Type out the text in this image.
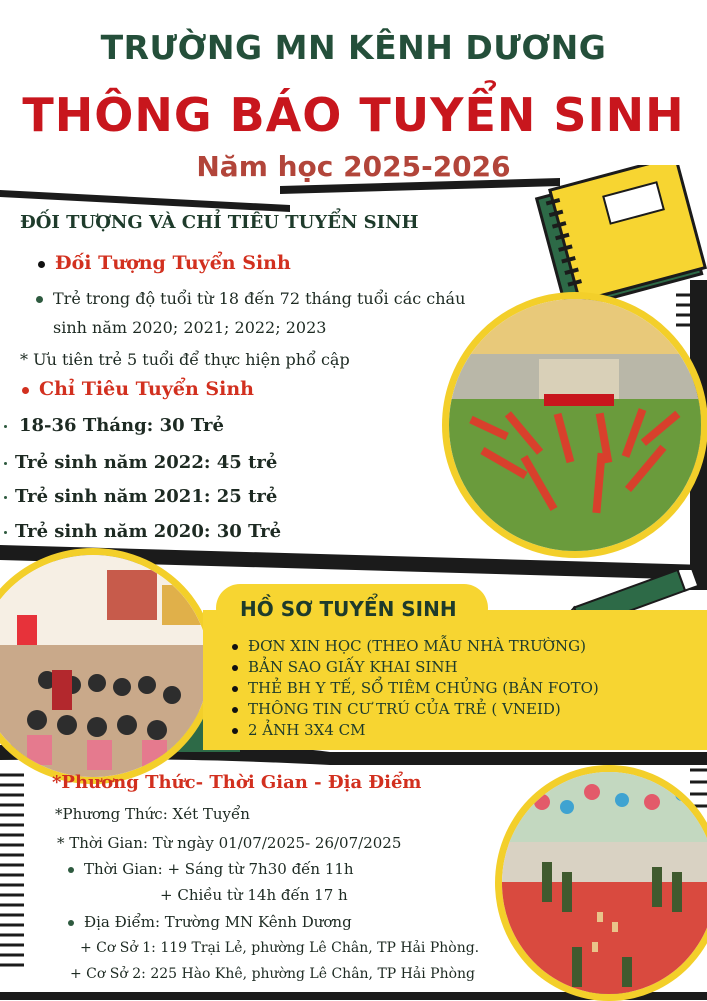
TRƯỜNG MN KÊNH DƯƠNG
THÔNG BÁO TUYỂN SINH
Năm học 2025-2026
ĐỐI TƯỢNG VÀ CHỈ TIÊU TUYỂN SINH
Đối Tượng Tuyển Sinh
Trẻ trong độ tuổi từ 18 đến 72 tháng tuổi các cháu
sinh năm 2020; 2021; 2022; 2023
* Ưu tiên trẻ 5 tuổi để thực hiện phổ cập
Chỉ Tiêu Tuyển Sinh
18-36 Tháng: 30 Trẻ
Trẻ sinh năm 2022: 45 trẻ
Trẻ sinh năm 2021: 25 trẻ
Trẻ sinh năm 2020: 30 Trẻ
HỒ SƠ TUYỂN SINH
ĐƠN XIN HỌC (THEO MẪU NHÀ TRƯỜNG)
BẢN SAO GIẤY KHAI SINH
THẺ BH Y TẾ, SỔ TIÊM CHỦNG (BẢN FOTO)
THÔNG TIN CƯ TRÚ CỦA TRẺ ( VNEID)
2 ẢNH 3X4 CM
*Phương Thức- Thời Gian - Địa Điểm
*Phương Thức: Xét Tuyển
* Thời Gian: Từ ngày 01/07/2025- 26/07/2025
Thời Gian: + Sáng từ 7h30 đến 11h
+ Chiều từ 14h đến 17 h
Địa Điểm: Trường MN Kênh Dương
+ Cơ Sở 1: 119 Trại Lẻ, phường Lê Chân, TP Hải Phòng.
+ Cơ Sở 2: 225 Hào Khê, phường Lê Chân, TP Hải Phòng
